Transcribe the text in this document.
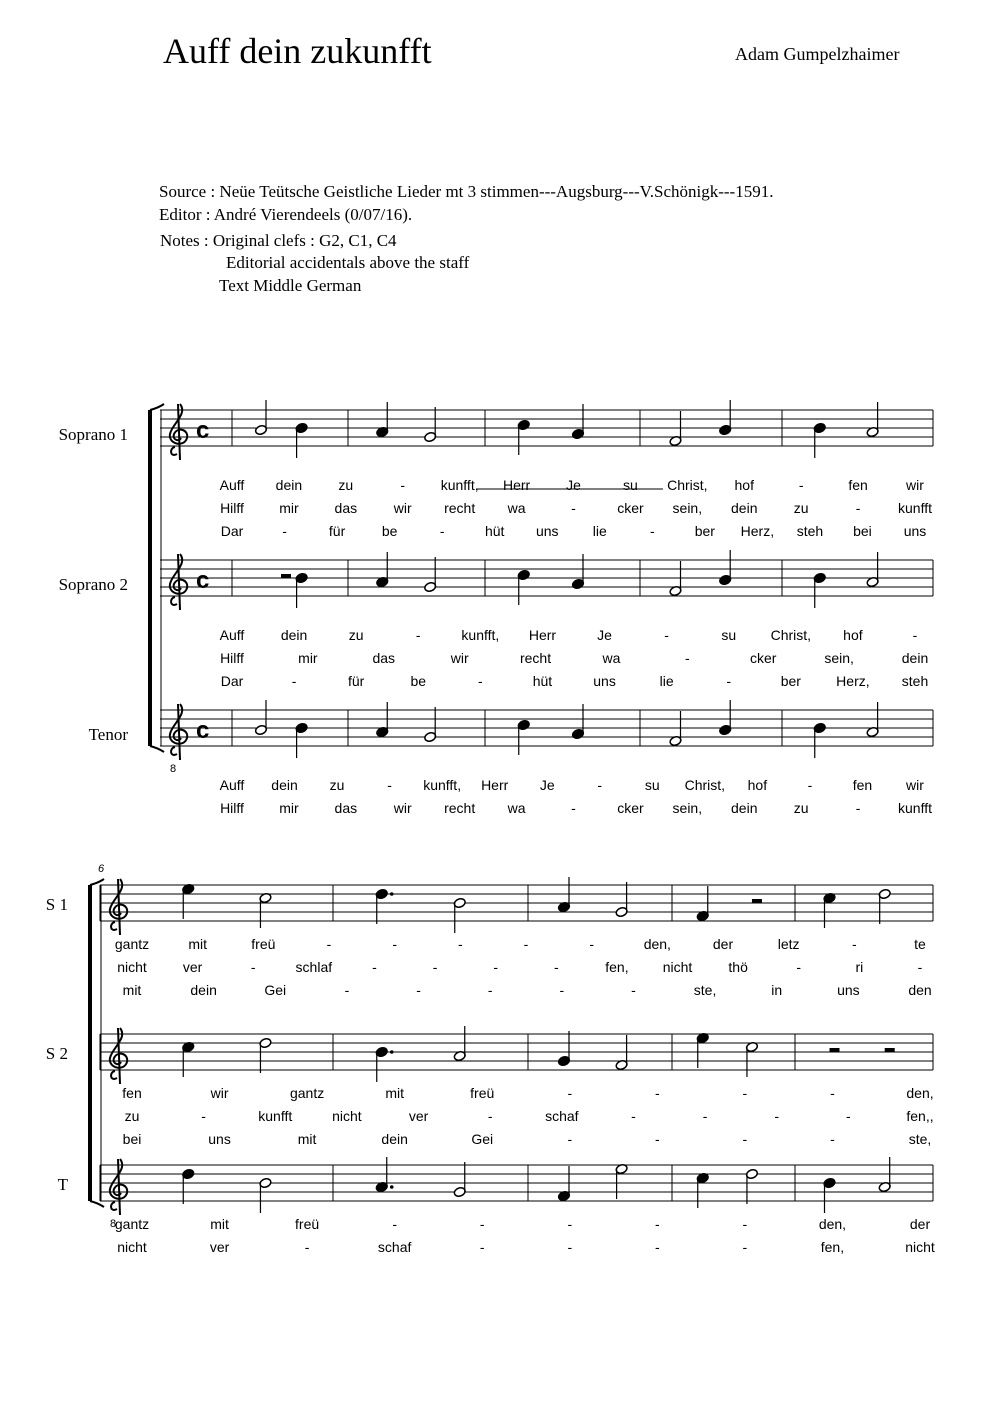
Auff dein zukunfft	Adam Gumpelzhaimer
Source : Neüe Teütsche Geistliche Lieder mt 3 stimmen---Augsburg---V.Schönigk---1591.
Editor : André Vierendeels (0/07/16).
Notes : Original clefs : G2, C1, C4
Editorial accidentals above the staff
Text Middle German
c
Auff dein	zu	-	kunfft, Herr	Je	su Christ, hof	-	fen	wir
Hilff	mir	das	wir recht wa	-	cker sein, dein	zu	-	kunfft
Dar	-	für	be	-	hüt uns lie	-	ber Herz, steh bei uns
Soprano 1
c
Auff	dein	zu	-	kunfft, Herr	Je	-	su Christ, hof	-
Hilff	mir	das	wir	recht	wa	-	cker	sein,	dein
Dar	-	für	be	-	hüt	uns	lie	-	ber	Herz, steh
Soprano 2
8
c
Auff dein zu	- kunfft, Herr Je	-	su Christ, hof	-	fen wir
Hilff	mir	das	wir recht wa	-	cker sein, dein	zu	-	kunfft
Tenor
6
gantz	mit	freü	-	-	-	-	-	den,	der	letz	-	te
nicht	ver	-	schlaf	-	-	-	-	fen, nicht	thö	-	ri	-
mit	dein	Gei	-	-	-	-	-	ste,	in	uns	den
S 1
fen	wir	gantz	mit	freü	-	-	-	-	den,
zu	-	kunfft	nicht	ver	-	schaf	-	-	-	-	fen,,
bei	uns	mit	dein	Gei	-	-	-	-	ste,
S 2
8
gantz	mit	freü	-	-	-	-	-	den,	der
nicht	ver	-	schaf	-	-	-	-	fen,	nicht
T
